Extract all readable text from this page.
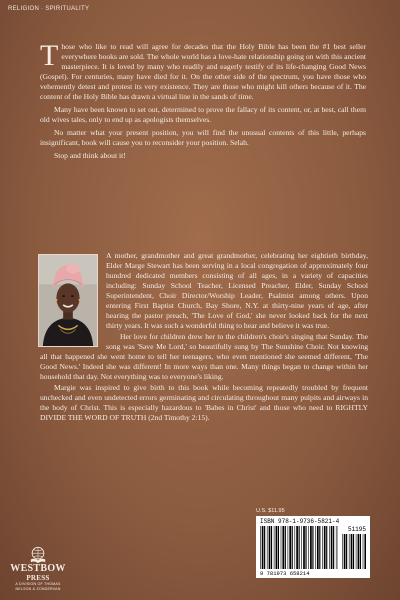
RELIGION · SPIRITUALITY

Those who like to read will agree for decades that the Holy Bible has been the #1 best seller everywhere books are sold. The whole world has a love-hate relationship going on with this ancient masterpiece. It is loved by many who readily and eagerly testify of its life-changing Good News (Gospel). For centuries, many have died for it. On the other side of the spectrum, you have those who vehemently detest and protest its very existence. They are those who might kill others because of it. The content of the Holy Bible has drawn a virtual line in the sands of time.

Many have been known to set out, determined to prove the fallacy of its content, or, at best, call them old wives tales, only to end up as apologists themselves.

No matter what your present position, you will find the unusual contents of this little, perhaps insignificant, book will cause you to reconsider your position. Selah.

Stop and think about it!

A mother, grandmother and great grandmother, celebrating her eightieth birthday, Elder Marge Stewart has been serving in a local congregation of approximately four hundred dedicated members consisting of all ages, in a variety of capacities including: Sunday School Teacher, Licensed Preacher, Elder, Sunday School Superintendent, Choir Director/Worship Leader, Psalmist among others. Upon entering First Baptist Church, Bay Shore, N.Y. at thirty-nine years of age, after hearing the pastor preach, 'The Love of God,' she never looked back for the next thirty years. It was such a wonderful thing to hear and believe it was true.

Her love for children drew her to the children's choir's singing that Sunday. The song was 'Save Me Lord,' so beautifully sung by The Sunshine Choir. Not knowing all that happened she went home to tell her teenagers, who even mentioned she seemed different, 'The Good News.' Indeed she was different! In more ways than one. Many things began to change within her household that day. Not everything was to everyone's liking.

Margie was inspired to give birth to this book while becoming repeatedly troubled by frequent unchecked and even undetected errors germinating and circulating throughout many pulpits and airways in the body of Christ. This is especially hazardous to 'Babes in Christ' and those who need to RIGHTLY DIVIDE THE WORD OF TRUTH (2nd Timothy 2:15).

U.S. $11.95
ISBN 978-1-9736-5821-4
51195
9 781973 658214
WESTBOW
PRESS
A DIVISION OF THOMAS NELSON & ZONDERVAN
